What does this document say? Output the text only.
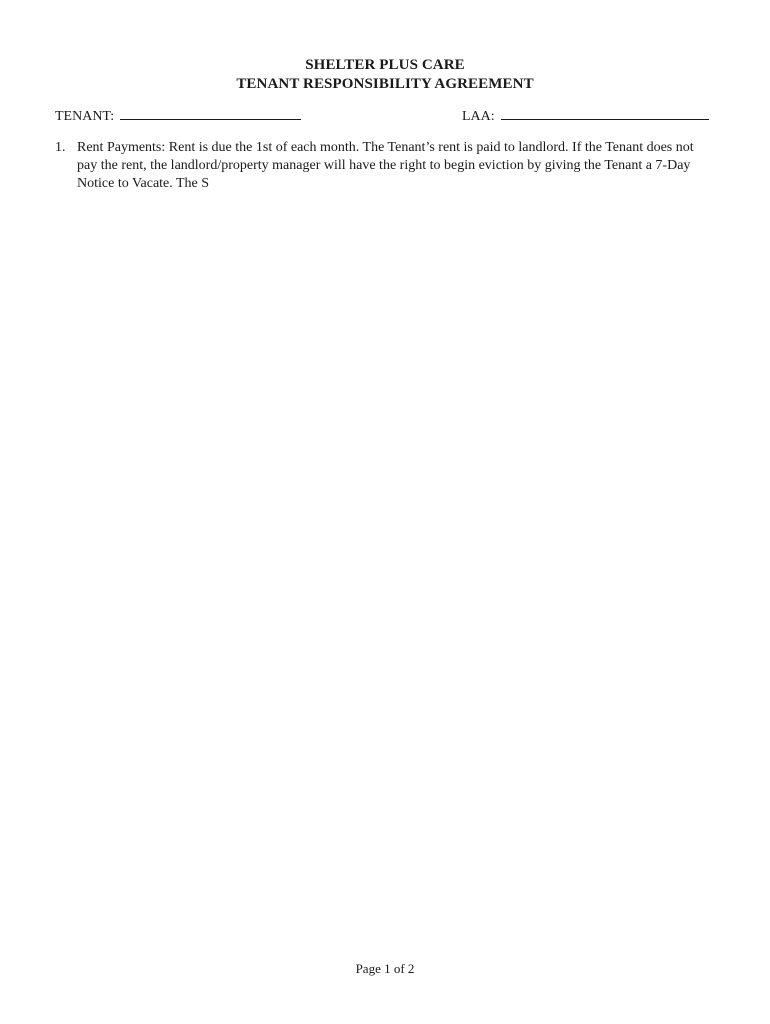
SHELTER PLUS CARE
TENANT RESPONSIBILITY AGREEMENT
TENANT:	LAA:
1. Rent Payments: Rent is due the 1st of each month. The Tenant’s rent is paid to landlord. If the Tenant does not
pay the rent, the landlord/property manager will have the right to begin eviction by giving the Tenant a 7-Day
Notice to Vacate. The S
Page 1 of 2
